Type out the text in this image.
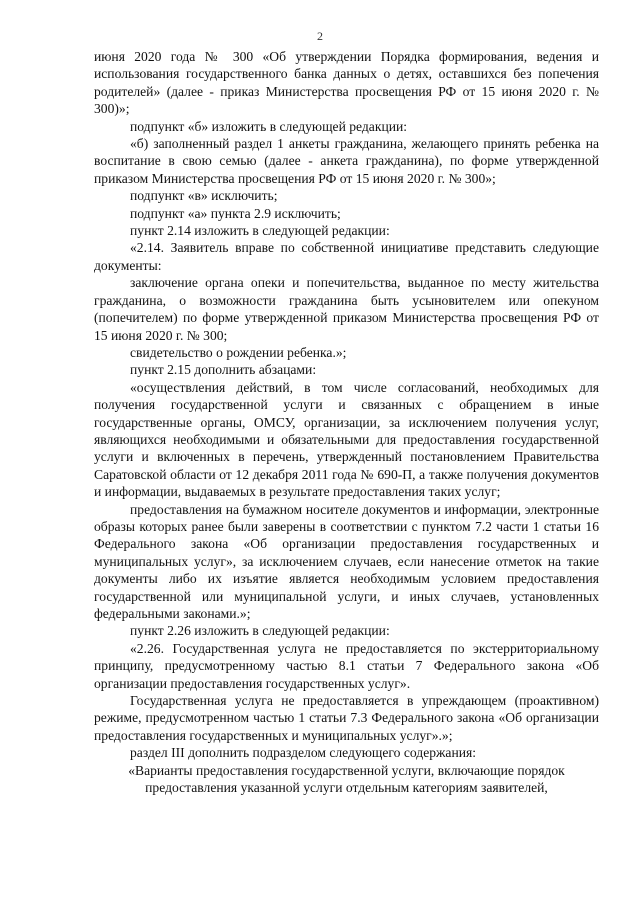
2

июня 2020 года № 300 «Об утверждении Порядка формирования, ведения и использования государственного банка данных о детях, оставшихся без попечения родителей» (далее - приказ Министерства просвещения РФ от 15 июня 2020 г. № 300)»;

подпункт «б» изложить в следующей редакции:

«б) заполненный раздел 1 анкеты гражданина, желающего принять ребенка на воспитание в свою семью (далее - анкета гражданина), по форме утвержденной приказом Министерства просвещения РФ от 15 июня 2020 г. № 300»;

подпункт «в» исключить;

подпункт «а» пункта 2.9 исключить;

пункт 2.14 изложить в следующей редакции:

«2.14. Заявитель вправе по собственной инициативе представить следующие документы:

заключение органа опеки и попечительства, выданное по месту жительства гражданина, о возможности гражданина быть усыновителем или опекуном (попечителем) по форме утвержденной приказом Министерства просвещения РФ от 15 июня 2020 г. № 300;

свидетельство о рождении ребенка.»;

пункт 2.15 дополнить абзацами:

«осуществления действий, в том числе согласований, необходимых для получения государственной услуги и связанных с обращением в иные государственные органы, ОМСУ, организации, за исключением получения услуг, являющихся необходимыми и обязательными для предоставления государственной услуги и включенных в перечень, утвержденный постановлением Правительства Саратовской области от 12 декабря 2011 года № 690-П, а также получения документов и информации, выдаваемых в результате предоставления таких услуг;

предоставления на бумажном носителе документов и информации, электронные образы которых ранее были заверены в соответствии с пунктом 7.2 части 1 статьи 16 Федерального закона «Об организации предоставления государственных и муниципальных услуг», за исключением случаев, если нанесение отметок на такие документы либо их изъятие является необходимым условием предоставления государственной или муниципальной услуги, и иных случаев, установленных федеральными законами.»;

пункт 2.26 изложить в следующей редакции:

«2.26. Государственная услуга не предоставляется по экстерриториальному принципу, предусмотренному частью 8.1 статьи 7 Федерального закона «Об организации предоставления государственных услуг».

Государственная услуга не предоставляется в упреждающем (проактивном) режиме, предусмотренном частью 1 статьи 7.3 Федерального закона «Об организации предоставления государственных и муниципальных услуг».»;

раздел III дополнить подразделом следующего содержания:

«Варианты предоставления государственной услуги, включающие порядок предоставления указанной услуги отдельным категориям заявителей,
